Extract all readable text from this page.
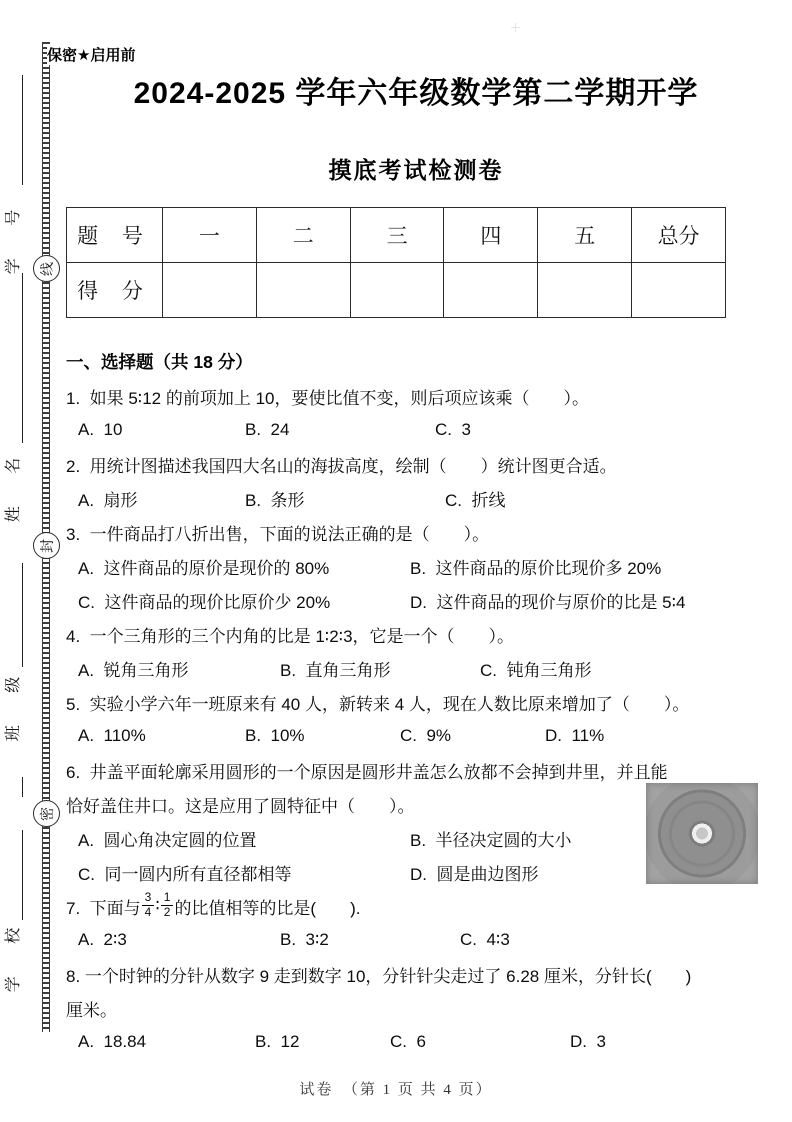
学 号
姓 名
班 级
学 校
线
封
密
保密★启用前
2024-2025 学年六年级数学第二学期开学
摸底考试检测卷
题 号	一	二	三	四	五	总分
得 分						
一、选择题（共 18 分）
1.  如果 5∶12 的前项加上 10，要使比值不变，则后项应该乘（　　）。
A.  10	B.  24	C.  3
2.  用统计图描述我国四大名山的海拔高度，绘制（　　）统计图更合适。
A.  扇形	B.  条形	C.  折线
3.  一件商品打八折出售，下面的说法正确的是（　　）。
A.  这件商品的原价是现价的 80%	B.  这件商品的原价比现价多 20%
C.  这件商品的现价比原价少 20%	D.  这件商品的现价与原价的比是 5∶4
4.  一个三角形的三个内角的比是 1∶2∶3，它是一个（　　）。
A.  锐角三角形	B.  直角三角形	C.  钝角三角形
5.  实验小学六年一班原来有 40 人，新转来 4 人，现在人数比原来增加了（　　）。
A.  110%	B.  10%	C.  9%	D.  11%
6.  井盖平面轮廓采用圆形的一个原因是圆形井盖怎么放都不会掉到井里，并且能
恰好盖住井口。这是应用了圆特征中（　　）。
A.  圆心角决定圆的位置	B.  半径决定圆的大小
C.  同一圆内所有直径都相等	D.  圆是曲边图形
7.  下面与 $\frac{3}{4}$ ∶ $\frac{1}{2}$ 的比值相等的比是(　　).
A.  2∶3	B.  3∶2	C.  4∶3
8. 一个时钟的分针从数字 9 走到数字 10，分针针尖走过了 6.28 厘米，分针长(　　)
厘米。
A.  18.84	B.  12	C.  6	D.  3
试卷　（第 1 页 共 4 页）
